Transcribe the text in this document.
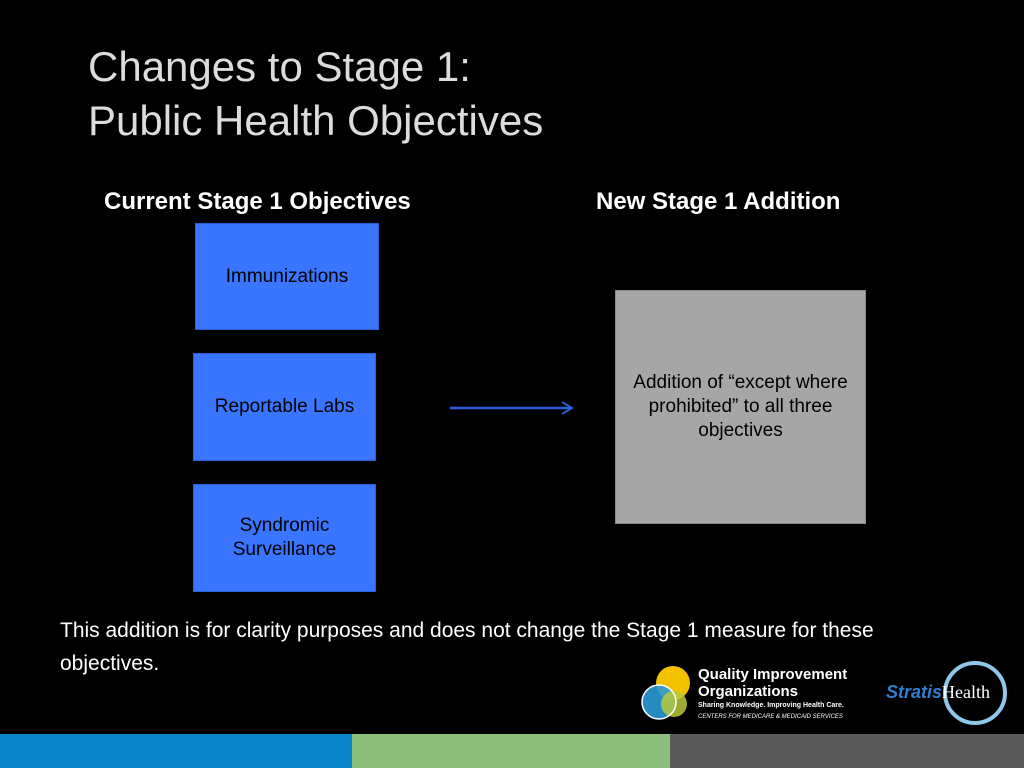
Changes to Stage 1:
Public Health Objectives
Current Stage 1 Objectives	New Stage 1 Addition
Immunizations
Reportable Labs
Syndromic Surveillance
Addition of “except where prohibited” to all three objectives

This addition is for clarity purposes and does not change the Stage 1 measure for these objectives.	Quality Improvement
Organizations
Sharing Knowledge. Improving Health Care.
CENTERS FOR MEDICARE & MEDICAID SERVICES
StratisHealth
